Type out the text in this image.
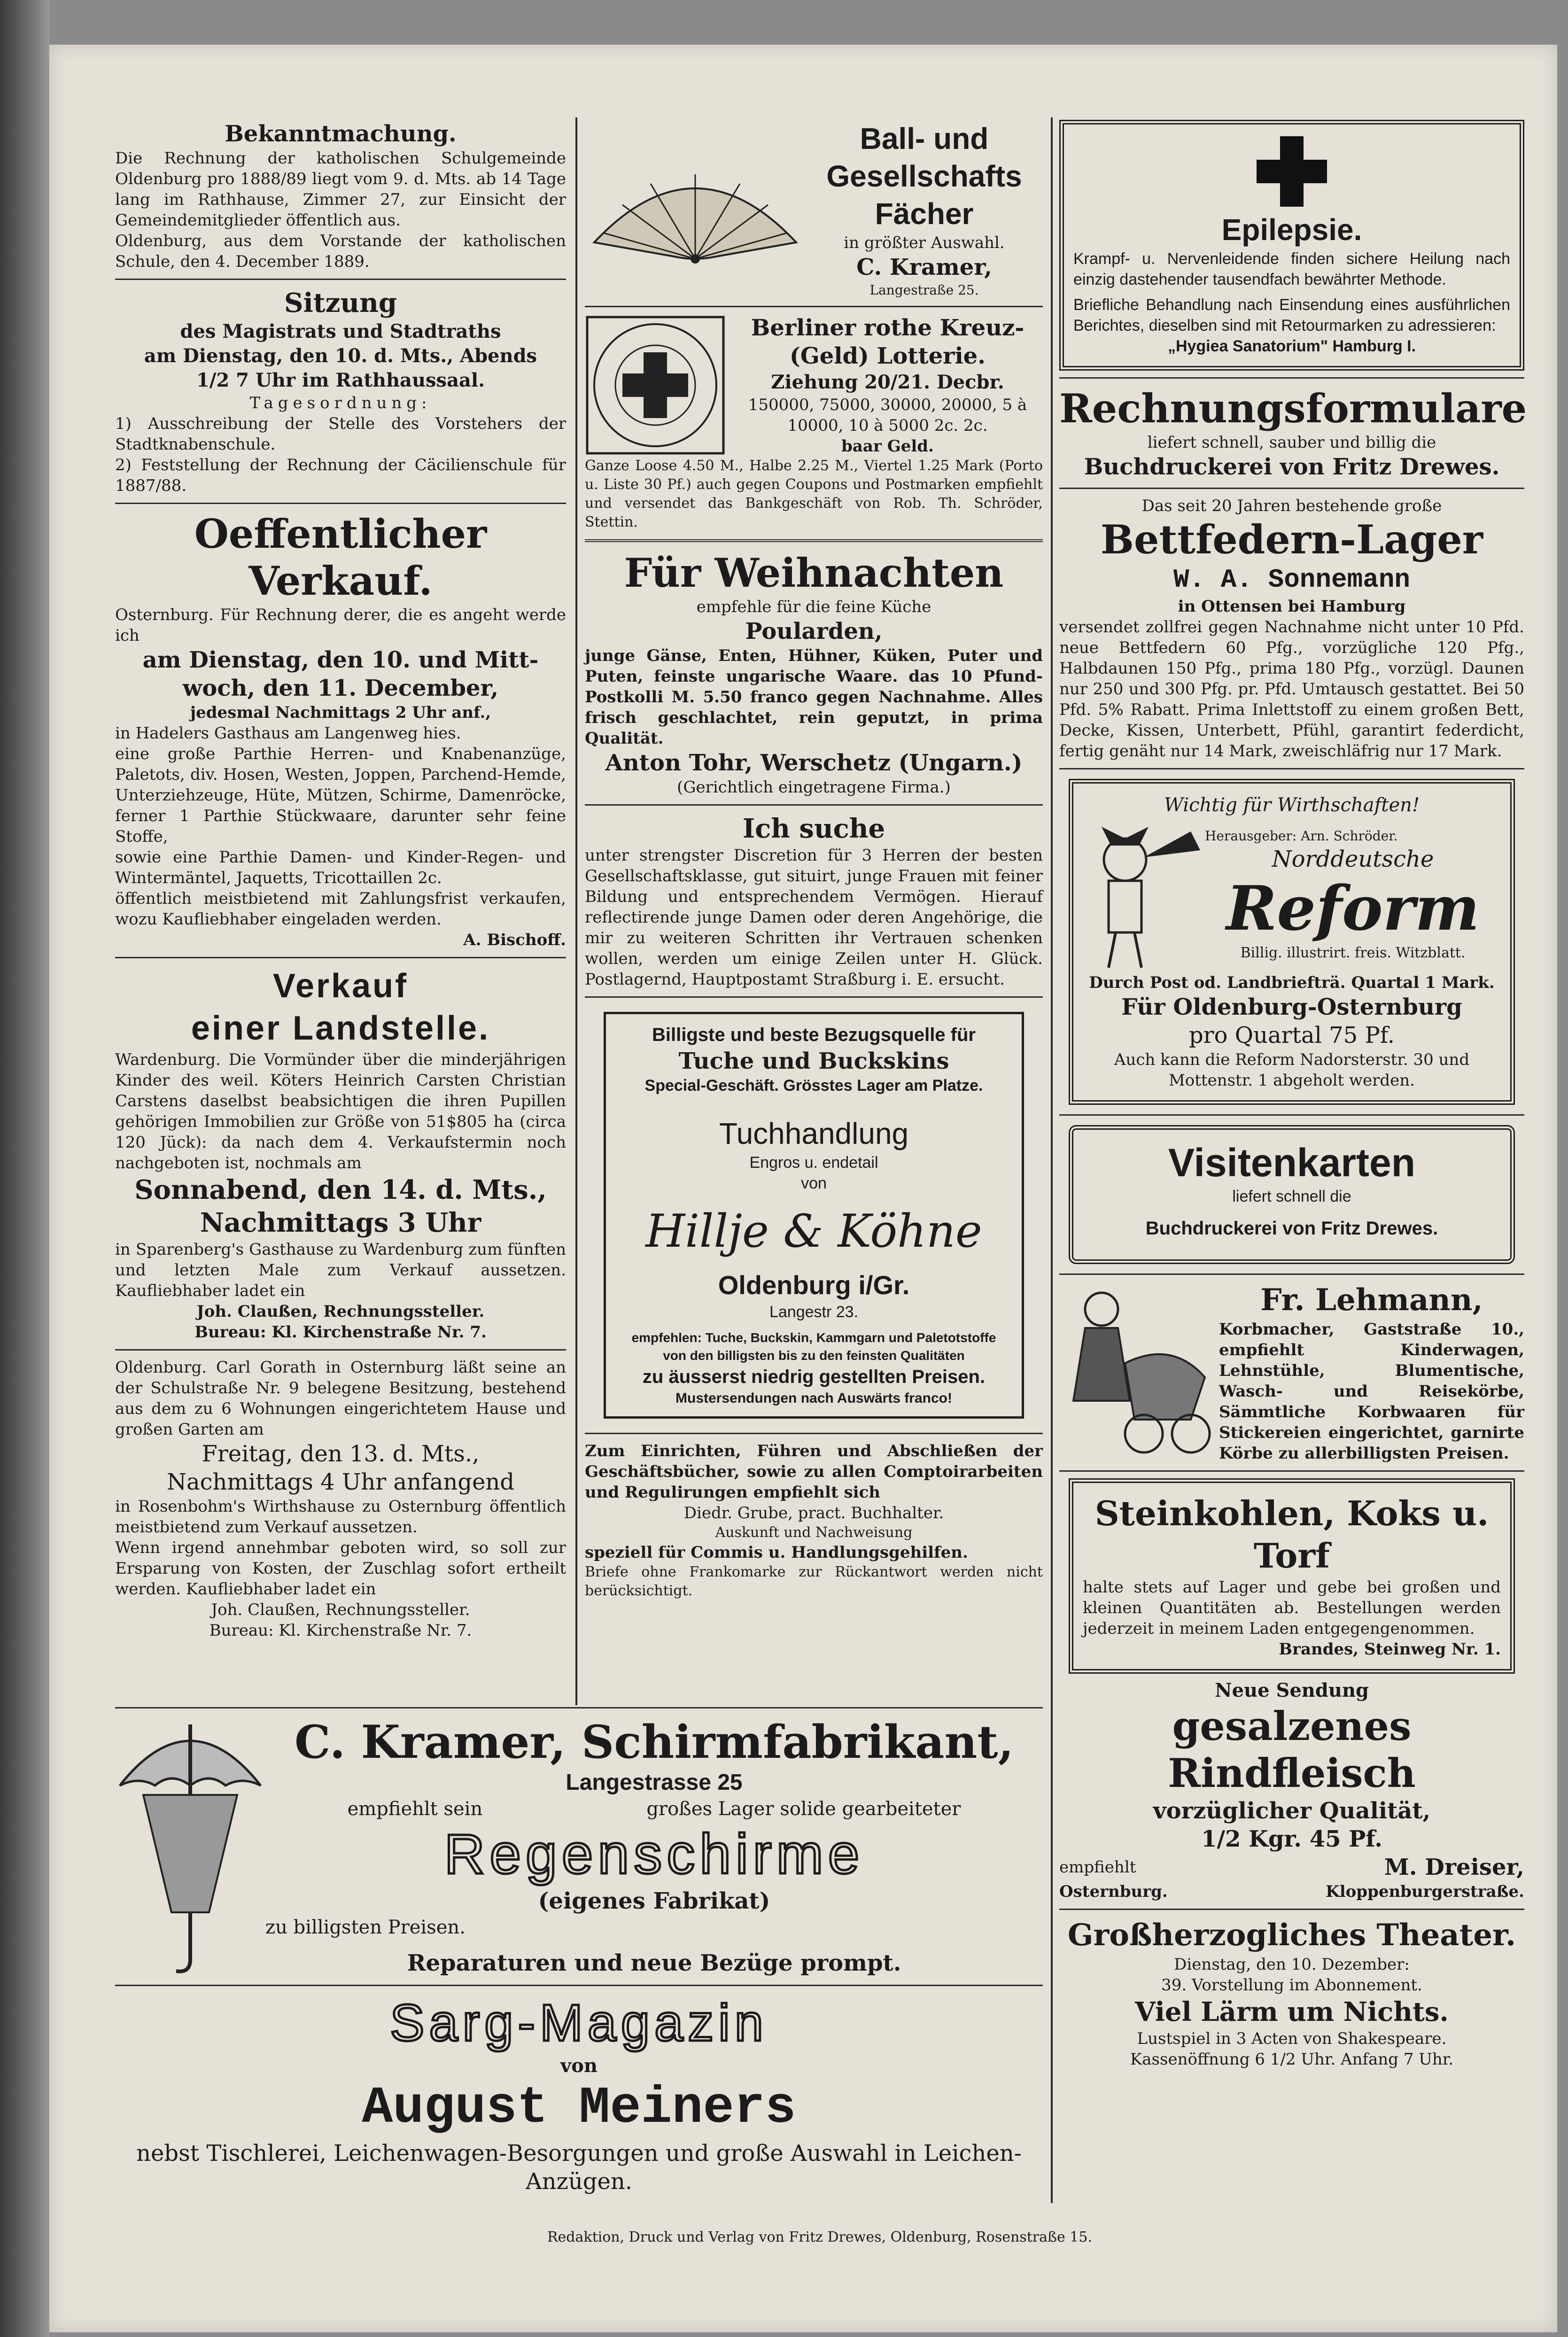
Bekanntmachung.
Die Rechnung der katholischen Schulgemeinde Oldenburg pro 1888/89 liegt vom 9. d. Mts. ab 14 Tage lang im Rathhause, Zimmer 27, zur Einsicht der Gemeindemitglieder öffentlich aus.
Oldenburg, aus dem Vorstande der katholischen Schule, den 4. December 1889.
Sitzung
des Magistrats und Stadtraths
am Dienstag, den 10. d. Mts., Abends
1/2 7 Uhr im Rathhaussaal.
Tagesordnung:
1) Ausschreibung der Stelle des Vorstehers der Stadtknabenschule.
2) Feststellung der Rechnung der Cäcilienschule für 1887/88.
Oeffentlicher Verkauf.
Osternburg. Für Rechnung derer, die es angeht werde ich
am Dienstag, den 10. und Mitt-
woch, den 11. December,
jedesmal Nachmittags 2 Uhr anf.,
in Hadelers Gasthaus am Langenweg hies.
eine große Parthie Herren- und Knabenanzüge, Paletots, div. Hosen, Westen, Joppen, Parchend-Hemde, Unterziehzeuge, Hüte, Mützen, Schirme, Damenröcke, ferner 1 Parthie Stückwaare, darunter sehr feine Stoffe,
sowie eine Parthie Damen- und Kinder-Regen- und Wintermäntel, Jaquetts, Tricottaillen 2c.
öffentlich meistbietend mit Zahlungsfrist verkaufen, wozu Kaufliebhaber eingeladen werden.
A. Bischoff.
Verkauf
einer Landstelle.
Wardenburg. Die Vormünder über die minderjährigen Kinder des weil. Köters Heinrich Carsten Christian Carstens daselbst beabsichtigen die ihren Pupillen gehörigen Immobilien zur Größe von 51$805 ha (circa 120 Jück): da nach dem 4. Verkaufstermin noch nachgeboten ist, nochmals am
Sonnabend, den 14. d. Mts.,
Nachmittags 3 Uhr
in Sparenberg's Gasthause zu Wardenburg zum fünften und letzten Male zum Verkauf aussetzen. Kaufliebhaber ladet ein
Joh. Claußen, Rechnungssteller.
Bureau: Kl. Kirchenstraße Nr. 7.
Oldenburg. Carl Gorath in Osternburg läßt seine an der Schulstraße Nr. 9 belegene Besitzung, bestehend aus dem zu 6 Wohnungen eingerichtetem Hause und großen Garten am
Freitag, den 13. d. Mts.,
Nachmittags 4 Uhr anfangend
in Rosenbohm's Wirthshause zu Osternburg öffentlich meistbietend zum Verkauf aussetzen.
Wenn irgend annehmbar geboten wird, so soll zur Ersparung von Kosten, der Zuschlag sofort ertheilt werden. Kaufliebhaber ladet ein
Joh. Claußen, Rechnungssteller.
Bureau: Kl. Kirchenstraße Nr. 7.
Ball- und
Gesellschafts
Fächer
in größter Auswahl.
C. Kramer,
Langestraße 25.
Berliner rothe Kreuz-
(Geld) Lotterie.
Ziehung 20/21. Decbr.
150000, 75000, 30000, 20000, 5 à 10000, 10 à 5000 2c. 2c.
baar Geld.
Ganze Loose 4.50 M., Halbe 2.25 M., Viertel 1.25 Mark (Porto u. Liste 30 Pf.) auch gegen Coupons und Postmarken empfiehlt und versendet das Bankgeschäft von Rob. Th. Schröder, Stettin.
Für Weihnachten
empfehle für die feine Küche
Poularden,
junge Gänse, Enten, Hühner, Küken, Puter und Puten, feinste ungarische Waare. das 10 Pfund-Postkolli M. 5.50 franco gegen Nachnahme. Alles frisch geschlachtet, rein geputzt, in prima Qualität.
Anton Tohr, Werschetz (Ungarn.)
(Gerichtlich eingetragene Firma.)
Ich suche
unter strengster Discretion für 3 Herren der besten Gesellschaftsklasse, gut situirt, junge Frauen mit feiner Bildung und entsprechendem Vermögen. Hierauf reflectirende junge Damen oder deren Angehörige, die mir zu weiteren Schritten ihr Vertrauen schenken wollen, werden um einige Zeilen unter H. Glück. Postlagernd, Hauptpostamt Straßburg i. E. ersucht.
Billigste und beste Bezugsquelle für
Tuche und Buckskins
Special-Geschäft. Grösstes Lager am Platze.
Tuchhandlung
Engros u. endetail
von
Hillje & Köhne
Oldenburg i/Gr.
Langestr 23.
empfehlen: Tuche, Buckskin, Kammgarn und Paletotstoffe
von den billigsten bis zu den feinsten Qualitäten
zu äusserst niedrig gestellten Preisen.
Mustersendungen nach Auswärts franco!
Zum Einrichten, Führen und Abschließen der Geschäftsbücher, sowie zu allen Comptoirarbeiten und Regulirungen empfiehlt sich
Diedr. Grube, pract. Buchhalter.
Auskunft und Nachweisung
speziell für Commis u. Handlungsgehilfen.
Briefe ohne Frankomarke zur Rückantwort werden nicht berücksichtigt.
Epilepsie.
Krampf- u. Nervenleidende finden sichere Heilung nach einzig dastehender tausendfach bewährter Methode.
Briefliche Behandlung nach Einsendung eines ausführlichen Berichtes, dieselben sind mit Retourmarken zu adressieren:
„Hygiea Sanatorium" Hamburg I.
Rechnungsformulare
liefert schnell, sauber und billig die
Buchdruckerei von Fritz Drewes.
Das seit 20 Jahren bestehende große
Bettfedern-Lager
W. A. Sonnemann
in Ottensen bei Hamburg
versendet zollfrei gegen Nachnahme nicht unter 10 Pfd. neue Bettfedern 60 Pfg., vorzügliche 120 Pfg., Halbdaunen 150 Pfg., prima 180 Pfg., vorzügl. Daunen nur 250 und 300 Pfg. pr. Pfd. Umtausch gestattet. Bei 50 Pfd. 5% Rabatt. Prima Inlettstoff zu einem großen Bett, Decke, Kissen, Unterbett, Pfühl, garantirt federdicht, fertig genäht nur 14 Mark, zweischläfrig nur 17 Mark.
Wichtig für Wirthschaften!
Herausgeber: Arn. Schröder.
Norddeutsche
Reform
Billig. illustrirt. freis. Witzblatt.
Durch Post od. Landbriefträ. Quartal 1 Mark.
Für Oldenburg-Osternburg
pro Quartal 75 Pf.
Auch kann die Reform Nadorsterstr. 30 und Mottenstr. 1 abgeholt werden.
Visitenkarten
liefert schnell die
Buchdruckerei von Fritz Drewes.
Fr. Lehmann,
Korbmacher, Gaststraße 10., empfiehlt Kinderwagen, Lehnstühle, Blumentische, Wasch- und Reisekörbe, Sämmtliche Korbwaaren für Stickereien eingerichtet, garnirte Körbe zu allerbilligsten Preisen.
Steinkohlen, Koks u. Torf
halte stets auf Lager und gebe bei großen und kleinen Quantitäten ab. Bestellungen werden jederzeit in meinem Laden entgegengenommen.
Brandes, Steinweg Nr. 1.
Neue Sendung
gesalzenes Rindfleisch
vorzüglicher Qualität,
1/2 Kgr. 45 Pf.
empfiehlt	M. Dreiser,
Osternburg.	Kloppenburgerstraße.
Großherzogliches Theater.
Dienstag, den 10. Dezember:
39. Vorstellung im Abonnement.
Viel Lärm um Nichts.
Lustspiel in 3 Acten von Shakespeare.
Kassenöffnung 6 1/2 Uhr. Anfang 7 Uhr.
C. Kramer, Schirmfabrikant,
Langestrasse 25
empfiehlt sein	großes Lager solide gearbeiteter
Regenschirme
(eigenes Fabrikat)
zu billigsten Preisen.
Reparaturen und neue Bezüge prompt.
Sarg-Magazin
von
August Meiners
nebst Tischlerei, Leichenwagen-Besorgungen und große Auswahl in Leichen-Anzügen.
Redaktion, Druck und Verlag von Fritz Drewes, Oldenburg, Rosenstraße 15.
